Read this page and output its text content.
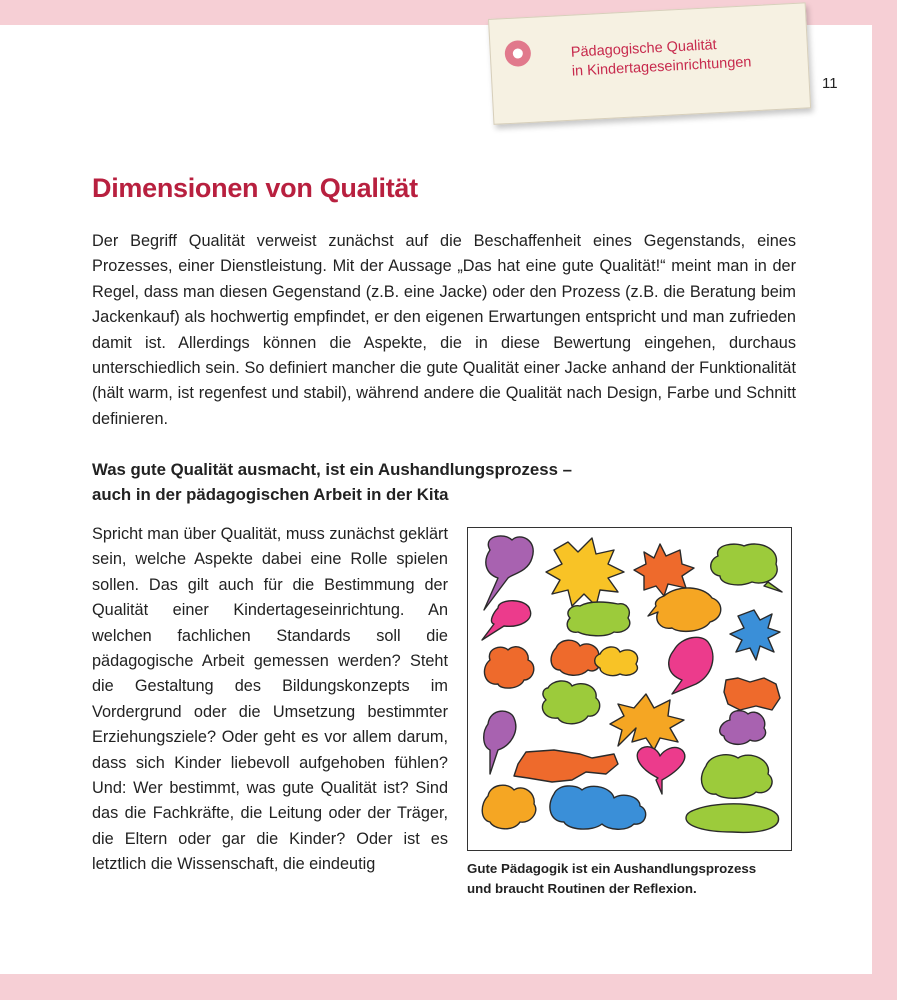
Pädagogische Qualität
in Kindertageseinrichtungen
11
Dimensionen von Qualität

Der Begriff Qualität verweist zunächst auf die Beschaffenheit eines Gegenstands, eines Prozesses, einer Dienstleistung. Mit der Aussage „Das hat eine gute Qualität!“ meint man in der Regel, dass man diesen Gegenstand (z.B. eine Jacke) oder den Prozess (z.B. die Beratung beim Jackenkauf) als hochwertig empfindet, er den eigenen Erwartungen entspricht und man zufrieden damit ist. Allerdings können die Aspekte, die in diese Bewertung eingehen, durchaus unterschiedlich sein. So definiert mancher die gute Qualität einer Jacke anhand der Funktionalität (hält warm, ist regenfest und stabil), während andere die Qualität nach Design, Farbe und Schnitt definieren.

Was gute Qualität ausmacht, ist ein Aushandlungsprozess –
auch in der pädagogischen Arbeit in der Kita

Spricht man über Qualität, muss zunächst geklärt sein, welche Aspekte dabei eine Rolle spielen sollen. Das gilt auch für die Bestimmung der Qualität einer Kindertageseinrichtung. An welchen fachlichen Standards soll die pädagogische Arbeit gemessen werden? Steht die Gestaltung des Bildungskonzepts im Vordergrund oder die Umsetzung bestimmter Erziehungsziele? Oder geht es vor allem darum, dass sich Kinder liebevoll aufgehoben fühlen? Und: Wer bestimmt, was gute Qualität ist? Sind das die Fachkräfte, die Leitung oder der Träger, die Eltern oder gar die Kinder? Oder ist es letztlich die Wissenschaft, die eindeutig	Gute Pädagogik ist ein Aushandlungsprozess
und braucht Routinen der Reflexion.
